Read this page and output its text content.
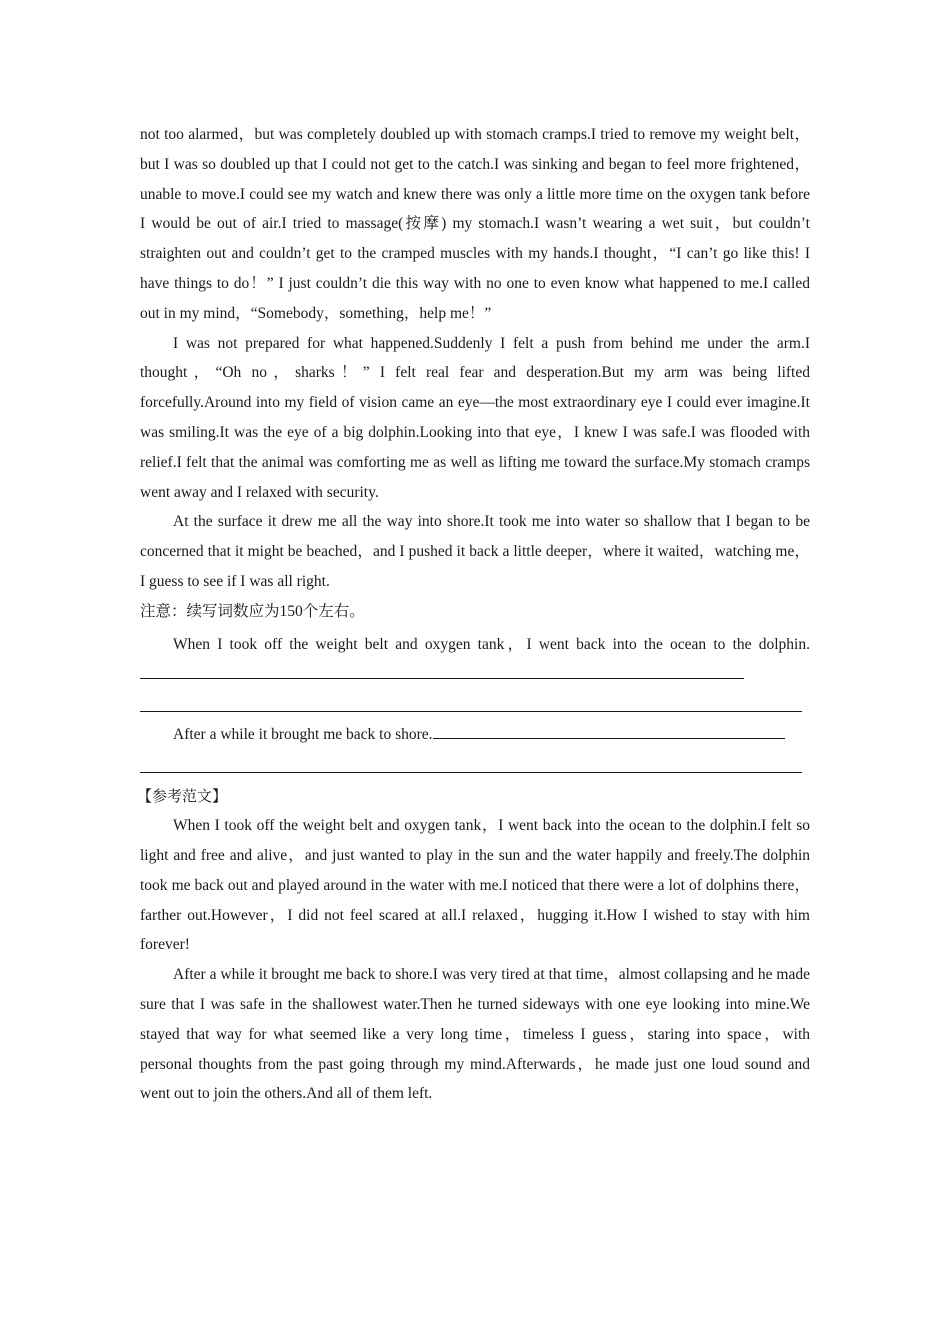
not too alarmed，but was completely doubled up with stomach cramps.I tried to remove my weight belt，but I was so doubled up that I could not get to the catch.I was sinking and began to feel more frightened，unable to move.I could see my watch and knew there was only a little more time on the oxygen tank before I would be out of air.I tried to massage(按摩) my stomach.I wasn’t wearing a wet suit，but couldn’t straighten out and couldn’t get to the cramped muscles with my hands.I thought，“I can’t go like this! I have things to do！” I just couldn’t die this way with no one to even know what happened to me.I called out in my mind，“Somebody，something，help me！”

I was not prepared for what happened.Suddenly I felt a push from behind me under the arm.I thought，“Oh no，sharks！” I felt real fear and desperation.But my arm was being lifted forcefully.Around into my field of vision came an eye—the most extraordinary eye I could ever imagine.It was smiling.It was the eye of a big dolphin.Looking into that eye，I knew I was safe.I was flooded with relief.I felt that the animal was comforting me as well as lifting me toward the surface.My stomach cramps went away and I relaxed with security.

At the surface it drew me all the way into shore.It took me into water so shallow that I began to be concerned that it might be beached，and I pushed it back a little deeper，where it waited，watching me，I guess to see if I was all right.

注意：续写词数应为150个左右。

When I took off the weight belt and oxygen tank，I went back into the ocean to the dolphin.

After a while it brought me back to shore.

【参考范文】

When I took off the weight belt and oxygen tank，I went back into the ocean to the dolphin.I felt so light and free and alive，and just wanted to play in the sun and the water happily and freely.The dolphin took me back out and played around in the water with me.I noticed that there were a lot of dolphins there，farther out.However，I did not feel scared at all.I relaxed，hugging it.How I wished to stay with him forever!

After a while it brought me back to shore.I was very tired at that time，almost collapsing and he made sure that I was safe in the shallowest water.Then he turned sideways with one eye looking into mine.We stayed that way for what seemed like a very long time，timeless I guess，staring into space，with personal thoughts from the past going through my mind.Afterwards，he made just one loud sound and went out to join the others.And all of them left.
